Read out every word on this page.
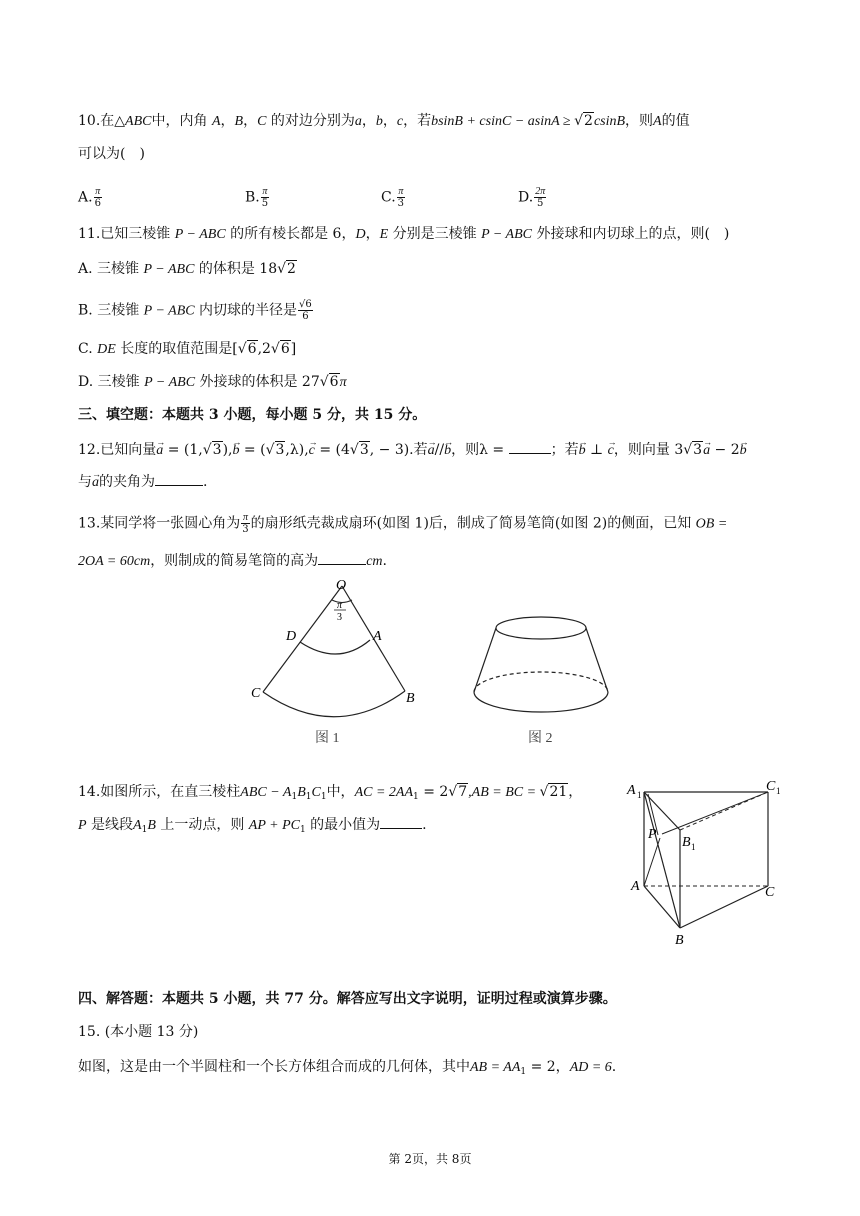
10.在△ABC中，内角 A，B，C 的对边分别为a，b，c，若bsinB + csinC − asinA ≥ √2csinB，则A的值
可以为(　)
A. $\frac{\pi}{6}$	B. $\frac{\pi}{5}$	C. $\frac{\pi}{3}$	D. $\frac{2\pi}{5}$
11.已知三棱锥 P − ABC 的所有棱长都是 6，D，E 分别是三棱锥 P − ABC 外接球和内切球上的点，则(　)
A. 三棱锥 P − ABC 的体积是 18√2
B. 三棱锥 P − ABC 内切球的半径是 $\frac{√6}{6}$
C. DE 长度的取值范围是[√6,2√6]
D. 三棱锥 P − ABC 外接球的体积是 27√6π
三、填空题：本题共 3 小题，每小题 5 分，共 15 分。
12.已知向量→ a = (1,√3),→ b = (√3,λ),→ c = (4√3, − 3).若→ a//→ b，则λ =	；若→ b ⊥ → c，则向量 3√3→ a − 2→ b
与→ a的夹角为	.
13.某同学将一张圆心角为 $\frac{\pi}{3}$ 的扇形纸壳裁成扇环(如图 1)后，制成了简易笔筒(如图 2)的侧面，已知 OB =
2OA = 60cm，则制成的简易笔筒的高为	cm.
O
π
3
D	A
C	B
图 1	图 2
14.如图所示，在直三棱柱ABC − $A_1B_1C_1$中，AC = $2AA_1 = 2√7,AB$ = BC = √21，
P 是线段$A_1B$ 上一动点，则 AP + $PC_1$ 的最小值为	.
A 1
C 1
P
B 1
A	C
B
四、解答题：本题共 5 小题，共 77 分。解答应写出文字说明，证明过程或演算步骤。
15. (本小题 13 分)
如图，这是由一个半圆柱和一个长方体组合而成的几何体，其中AB = $AA_1 = 2$，AD = 6.
第 2页，共 8页
